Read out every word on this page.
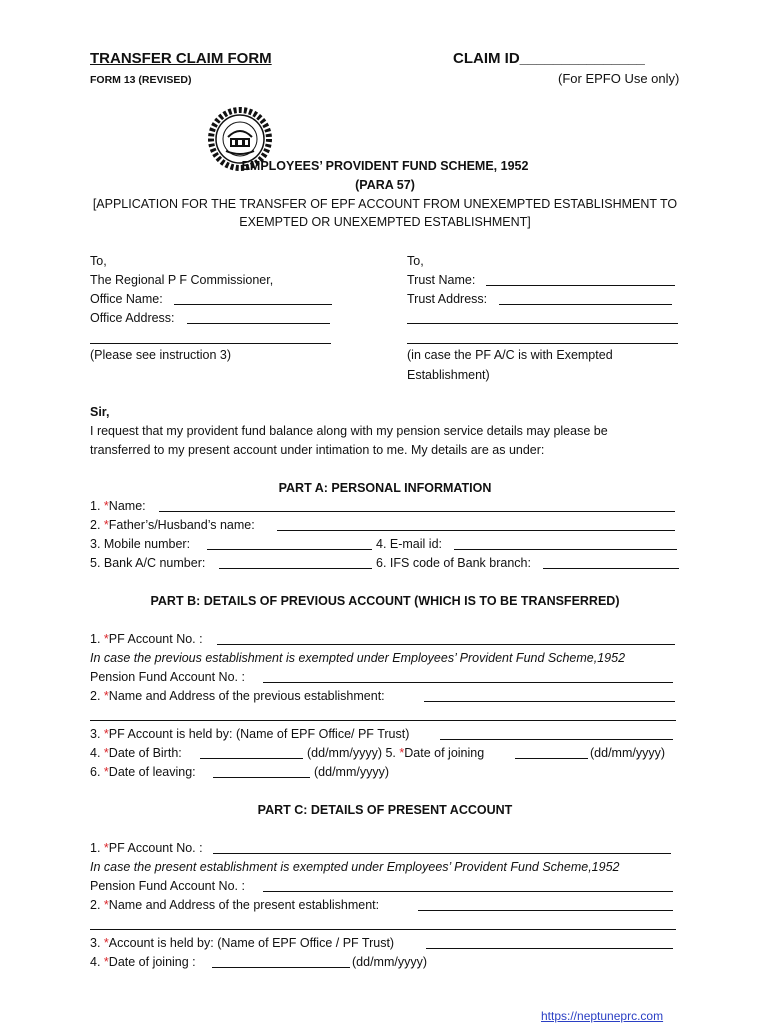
TRANSFER CLAIM FORM
FORM 13 (REVISED)
CLAIM ID_______________
(For EPFO Use only)
EMPLOYEES’ PROVIDENT FUND SCHEME, 1952
(PARA 57)
[APPLICATION FOR THE TRANSFER OF EPF ACCOUNT FROM UNEXEMPTED ESTABLISHMENT TO
EXEMPTED OR UNEXEMPTED ESTABLISHMENT]
To,
The Regional P F Commissioner,
Office Name:
Office Address:
(Please see instruction 3)
To,
Trust Name:
Trust Address:
(in case the PF A/C is with Exempted
Establishment)
Sir,
I request that my provident fund balance along with my pension service details may please be
transferred to my present account under intimation to me. My details are as under:
PART A: PERSONAL INFORMATION
1. *Name:
2. *Father’s/Husband’s name:
3. Mobile number:	4. E-mail id:
5. Bank A/C number:	6. IFS code of Bank branch:
PART B: DETAILS OF PREVIOUS ACCOUNT (WHICH IS TO BE TRANSFERRED)
1. *PF Account No. :
In case the previous establishment is exempted under Employees’ Provident Fund Scheme,1952
Pension Fund Account No. :
2. *Name and Address of the previous establishment:
3. *PF Account is held by: (Name of EPF Office/ PF Trust)
4. *Date of Birth:	(dd/mm/yyyy) 5. *Date of joining	(dd/mm/yyyy)
6. *Date of leaving:	(dd/mm/yyyy)
PART C: DETAILS OF PRESENT ACCOUNT
1. *PF Account No. :
In case the present establishment is exempted under Employees’ Provident Fund Scheme,1952
Pension Fund Account No. :
2. *Name and Address of the present establishment:
3. *Account is held by: (Name of EPF Office / PF Trust)
4. *Date of joining :	(dd/mm/yyyy)
https://neptuneprc.com
